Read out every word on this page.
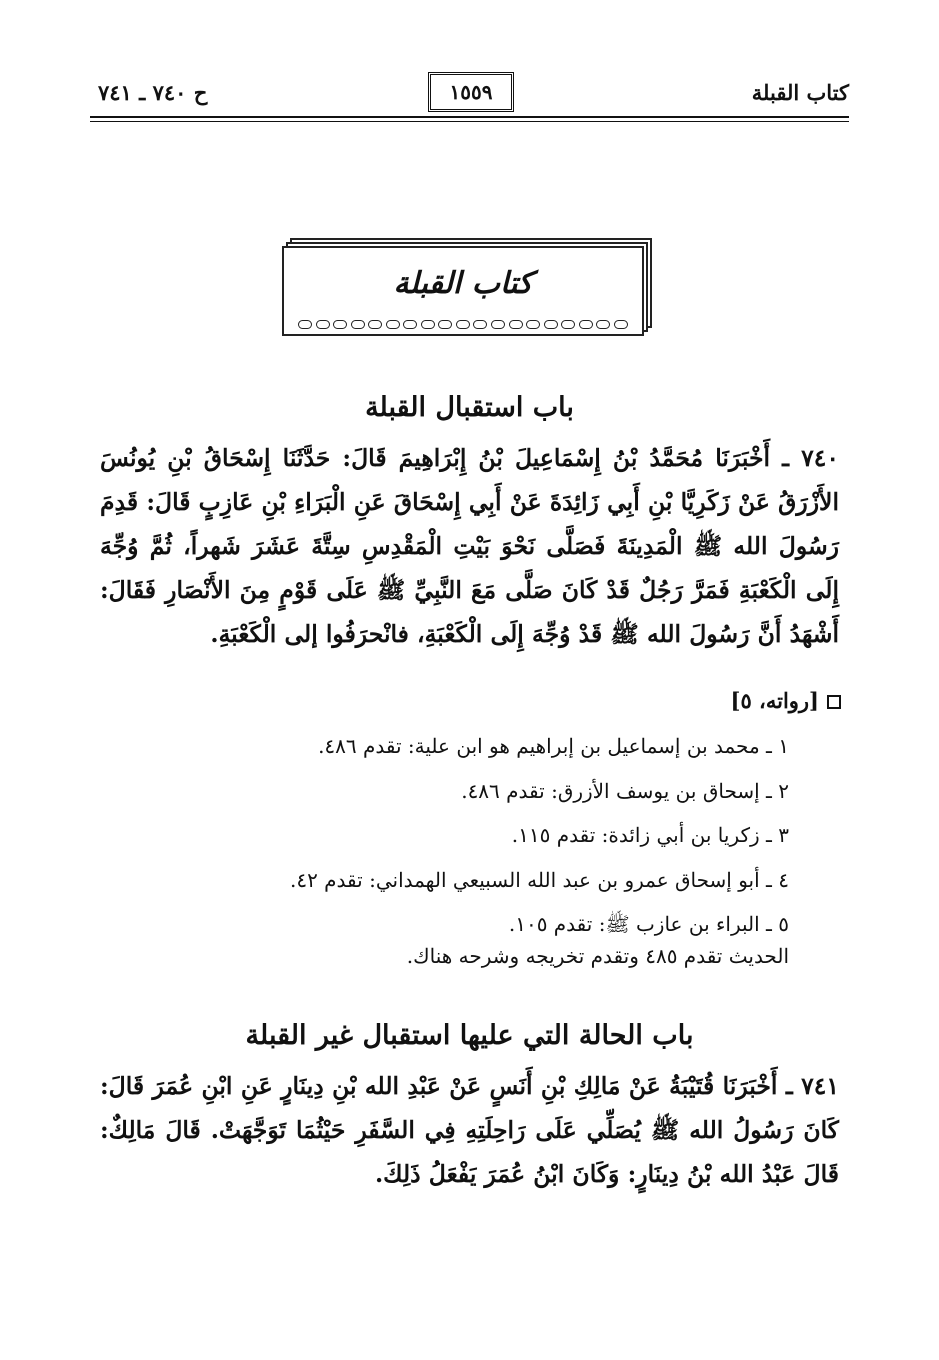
كتاب القبلة
١٥٥٩
ح ٧٤٠ ـ ٧٤١
كتاب القبلة
باب استقبال القبلة
٧٤٠ ـ أَخْبَرَنَا مُحَمَّدُ بْنُ إِسْمَاعِيلَ بْنُ إِبْرَاهِيمَ قَالَ: حَدَّثَنَا إِسْحَاقُ بْنِ يُونُسَ الأَزْرَقُ عَنْ زَكَرِيَّا بْنِ أَبِي زَائِدَةَ عَنْ أَبِي إِسْحَاقَ عَنِ الْبَرَاءِ بْنِ عَازِبٍ قَالَ: قَدِمَ رَسُولَ الله ﷺ الْمَدِينَةَ فَصَلَّى نَحْوَ بَيْتِ الْمَقْدِسِ سِتَّةَ عَشَرَ شَهراً، ثُمَّ وُجِّهَ إِلَى الْكَعْبَةِ فَمَرَّ رَجُلٌ قَدْ كَانَ صَلَّى مَعَ النَّبِيِّ ﷺ عَلَى قَوْمٍ مِنَ الأَنْصَارِ فَقَالَ: أَشْهَدُ أَنَّ رَسُولَ الله ﷺ قَدْ وُجِّهَ إِلَى الْكَعْبَةِ، فانْحرَفُوا إلى الْكَعْبَةِ.
[رواته، ٥]
١ ـ محمد بن إسماعيل بن إبراهيم هو ابن علية: تقدم ٤٨٦.
٢ ـ إسحاق بن يوسف الأزرق: تقدم ٤٨٦.
٣ ـ زكريا بن أبي زائدة: تقدم ١١٥.
٤ ـ أبو إسحاق عمرو بن عبد الله السبيعي الهمداني: تقدم ٤٢.
٥ ـ البراء بن عازب ﷺ: تقدم ١٠٥.
الحديث تقدم ٤٨٥ وتقدم تخريجه وشرحه هناك.
باب الحالة التي عليها استقبال غير القبلة
٧٤١ ـ أَخْبَرَنَا قُتَيْبَةُ عَنْ مَالِكِ بْنِ أَنَسٍ عَنْ عَبْدِ الله بْنِ دِينَارٍ عَنِ ابْنِ عُمَرَ قَالَ: كَانَ رَسُولُ الله ﷺ يُصَلِّي عَلَى رَاحِلَتِهِ فِي السَّفَرِ حَيْثُمَا تَوَجَّهَتْ. قَالَ مَالِكٌ: قَالَ عَبْدُ الله بْنُ دِينَارٍ: وَكَانَ ابْنُ عُمَرَ يَفْعَلُ ذَلِكَ.
